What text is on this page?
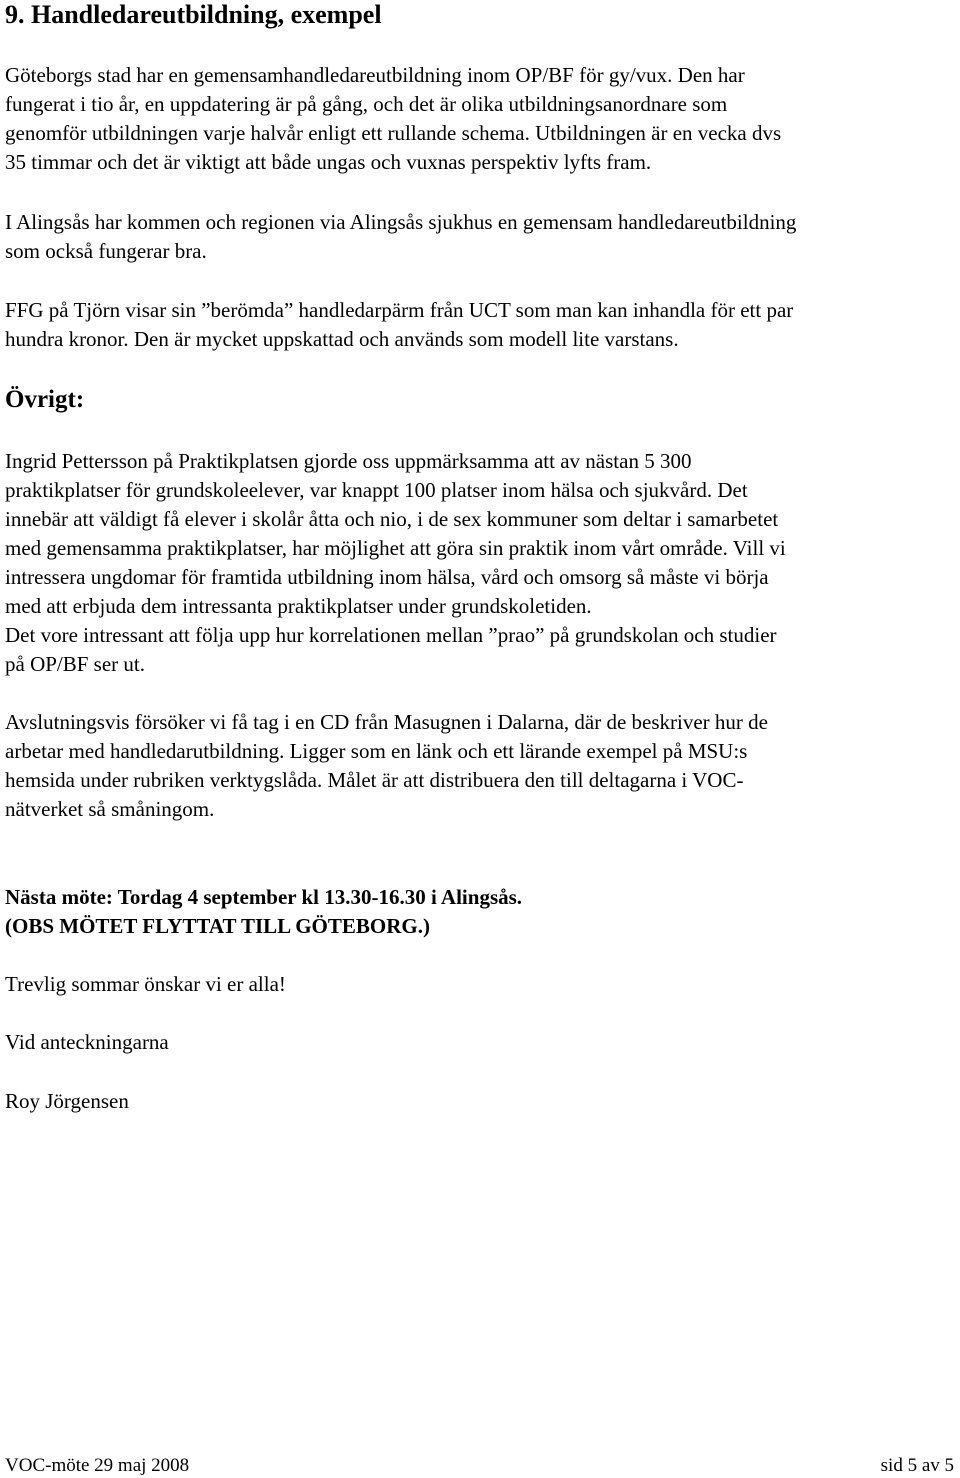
9. Handledareutbildning, exempel
Göteborgs stad har en gemensamhandledareutbildning inom OP/BF för gy/vux. Den har
fungerat i tio år, en uppdatering är på gång, och det är olika utbildningsanordnare som
genomför utbildningen varje halvår enligt ett rullande schema. Utbildningen är en vecka dvs
35 timmar och det är viktigt att både ungas och vuxnas perspektiv lyfts fram.
I Alingsås har kommen och regionen via Alingsås sjukhus en gemensam handledareutbildning
som också fungerar bra.
FFG på Tjörn visar sin ”berömda” handledarpärm från UCT som man kan inhandla för ett par
hundra kronor. Den är mycket uppskattad och används som modell lite varstans.
Övrigt:
Ingrid Pettersson på Praktikplatsen gjorde oss uppmärksamma att av nästan 5 300
praktikplatser för grundskoleelever, var knappt 100 platser inom hälsa och sjukvård. Det
innebär att väldigt få elever i skolår åtta och nio, i de sex kommuner som deltar i samarbetet
med gemensamma praktikplatser, har möjlighet att göra sin praktik inom vårt område. Vill vi
intressera ungdomar för framtida utbildning inom hälsa, vård och omsorg så måste vi börja
med att erbjuda dem intressanta praktikplatser under grundskoletiden.
Det vore intressant att följa upp hur korrelationen mellan ”prao” på grundskolan och studier
på OP/BF ser ut.
Avslutningsvis försöker vi få tag i en CD från Masugnen i Dalarna, där de beskriver hur de
arbetar med handledarutbildning. Ligger som en länk och ett lärande exempel på MSU:s
hemsida under rubriken verktygslåda. Målet är att distribuera den till deltagarna i VOC-
nätverket så småningom.
Nästa möte: Tordag 4 september kl 13.30-16.30 i Alingsås.
(OBS MÖTET FLYTTAT TILL GÖTEBORG.)
Trevlig sommar önskar vi er alla!
Vid anteckningarna
Roy Jörgensen
VOC-möte 29 maj 2008	sid 5 av 5
